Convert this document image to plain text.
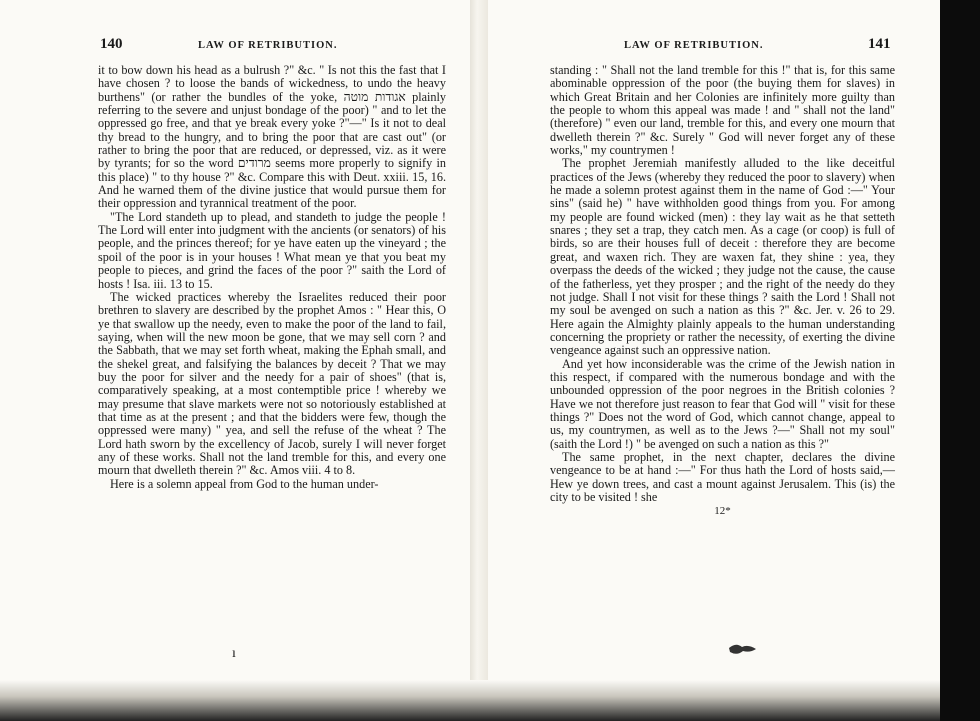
140	LAW OF RETRIBUTION.

it to bow down his head as a bulrush ?" &c. " Is not this the fast that I have chosen ? to loose the bands of wickedness, to undo the heavy burthens" (or rather the bundles of the yoke, אגודות מוטה plainly referring to the severe and unjust bondage of the poor) " and to let the oppressed go free, and that ye break every yoke ?"—" Is it not to deal thy bread to the hungry, and to bring the poor that are cast out" (or rather to bring the poor that are reduced, or depressed, viz. as it were by tyrants; for so the word מרודים seems more properly to signify in this place) " to thy house ?" &c. Compare this with Deut. xxiii. 15, 16. And he warned them of the divine justice that would pursue them for their oppression and tyrannical treatment of the poor.

"The Lord standeth up to plead, and standeth to judge the people ! The Lord will enter into judgment with the ancients (or senators) of his people, and the princes thereof; for ye have eaten up the vineyard ; the spoil of the poor is in your houses ! What mean ye that you beat my people to pieces, and grind the faces of the poor ?" saith the Lord of hosts ! Isa. iii. 13 to 15.

The wicked practices whereby the Israelites reduced their poor brethren to slavery are described by the prophet Amos : " Hear this, O ye that swallow up the needy, even to make the poor of the land to fail, saying, when will the new moon be gone, that we may sell corn ? and the Sabbath, that we may set forth wheat, making the Ephah small, and the shekel great, and falsifying the balances by deceit ? That we may buy the poor for silver and the needy for a pair of shoes" (that is, comparatively speaking, at a most contemptible price ! whereby we may presume that slave markets were not so notoriously established at that time as at the present ; and that the bidders were few, though the oppressed were many) " yea, and sell the refuse of the wheat ? The Lord hath sworn by the excellency of Jacob, surely I will never forget any of these works. Shall not the land tremble for this, and every one mourn that dwelleth therein ?" &c. Amos viii. 4 to 8.

Here is a solemn appeal from God to the human under-

ı
LAW OF RETRIBUTION.	141

standing : " Shall not the land tremble for this !" that is, for this same abominable oppression of the poor (the buying them for slaves) in which Great Britain and her Colonies are infinitely more guilty than the people to whom this appeal was made ! and " shall not the land" (therefore) " even our land, tremble for this, and every one mourn that dwelleth therein ?" &c. Surely " God will never forget any of these works," my countrymen !

The prophet Jeremiah manifestly alluded to the like deceitful practices of the Jews (whereby they reduced the poor to slavery) when he made a solemn protest against them in the name of God :—" Your sins" (said he) " have withholden good things from you. For among my people are found wicked (men) : they lay wait as he that setteth snares ; they set a trap, they catch men. As a cage (or coop) is full of birds, so are their houses full of deceit : therefore they are become great, and waxen rich. They are waxen fat, they shine : yea, they overpass the deeds of the wicked ; they judge not the cause, the cause of the fatherless, yet they prosper ; and the right of the needy do they not judge. Shall I not visit for these things ? saith the Lord ! Shall not my soul be avenged on such a nation as this ?" &c. Jer. v. 26 to 29. Here again the Almighty plainly appeals to the human understanding concerning the propriety or rather the necessity, of exerting the divine vengeance against such an oppressive nation.

And yet how inconsiderable was the crime of the Jewish nation in this respect, if compared with the numerous bondage and with the unbounded oppression of the poor negroes in the British colonies ? Have we not therefore just reason to fear that God will " visit for these things ?" Does not the word of God, which cannot change, appeal to us, my countrymen, as well as to the Jews ?—" Shall not my soul" (saith the Lord !) " be avenged on such a nation as this ?"

The same prophet, in the next chapter, declares the divine vengeance to be at hand :—" For thus hath the Lord of hosts said,—Hew ye down trees, and cast a mount against Jerusalem. This (is) the city to be visited ! she

12*
